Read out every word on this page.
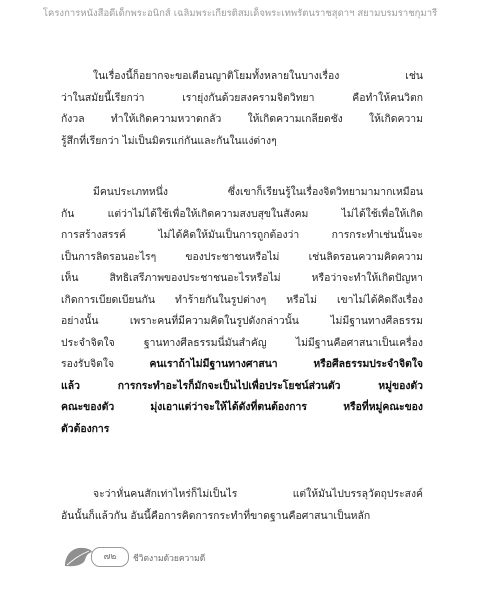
โครงการหนังสือดีเด็กพระอนิกส์ เฉลิมพระเกียรติสมเด็จพระเทพรัตนราชสุดาฯ สยามบรมราชกุมารี
ในเรื่องนี้ก็อยากจะขอเตือนญาติโยมทั้งหลายในบางเรื่อง เช่น
ว่าในสมัยนี้เรียกว่า เรายุ่งกันด้วยสงครามจิตวิทยา คือทำให้คนวิตก
กังวล ทำให้เกิดความหวาดกลัว ให้เกิดความเกลียดชัง ให้เกิดความ
รู้สึกที่เรียกว่า ไม่เป็นมิตรแก่กันและกันในแง่ต่างๆ
มีคนประเภทหนึ่ง ซึ่งเขาก็เรียนรู้ในเรื่องจิตวิทยามามากเหมือน
กัน แต่ว่าไม่ได้ใช้เพื่อให้เกิดความสงบสุขในสังคม ไม่ได้ใช้เพื่อให้เกิด
การสร้างสรรค์ ไม่ได้คิดให้มันเป็นการถูกต้องว่า การกระทำเช่นนั้นจะ
เป็นการลิดรอนอะไรๆ ของประชาชนหรือไม่ เช่นลิดรอนความคิดความ
เห็น สิทธิเสรีภาพของประชาชนอะไรหรือไม่ หรือว่าจะทำให้เกิดปัญหา
เกิดการเบียดเบียนกัน ทำร้ายกันในรูปต่างๆ หรือไม่ เขาไม่ได้คิดถึงเรื่อง
อย่างนั้น เพราะคนที่มีความคิดในรูปดังกล่าวนั้น ไม่มีฐานทางศีลธรรม
ประจำจิตใจ ฐานทางศีลธรรมนี่มันสำคัญ ไม่มีฐานคือศาสนาเป็นเครื่อง
รองรับจิตใจ	คนเราถ้าไม่มีฐานทางศาสนา หรือศีลธรรมประจำจิตใจ
แล้ว การกระทำอะไรก็มักจะเป็นไปเพื่อประโยชน์ส่วนตัว หมู่ของตัว
คณะของตัว มุ่งเอาแต่ว่าจะให้ได้ดังที่ตนต้องการ หรือที่หมู่คณะของ
ตัวต้องการ
จะว่าหั่นคนสักเท่าไหร่ก็ไม่เป็นไร แต่ให้มันไปบรรลุวัตถุประสงค์
อันนั้นก็แล้วกัน อันนี้คือการคิดการกระทำที่ขาดฐานคือศาสนาเป็นหลัก
๗๒	ชีวิตงามด้วยความดี
